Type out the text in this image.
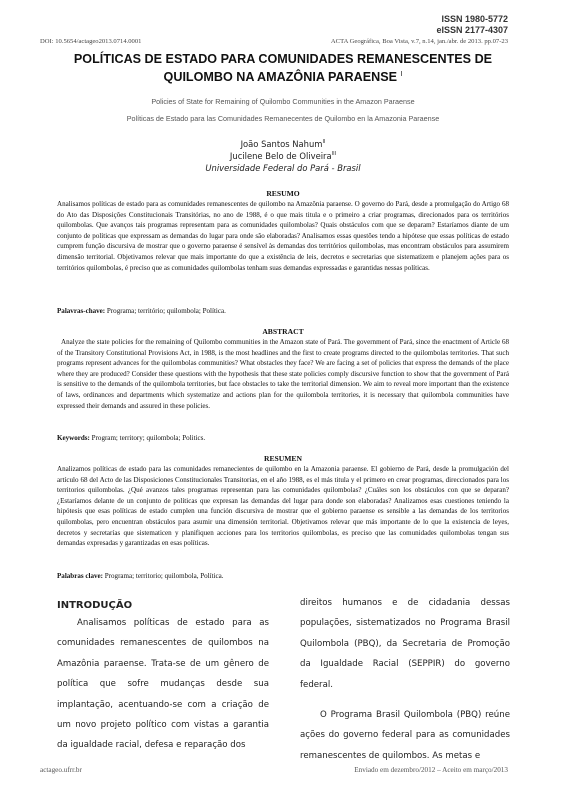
ISSN 1980-5772
eISSN 2177-4307
DOI: 10.5654/actageo2013.0714.0001	ACTA Geográfica, Boa Vista, v.7, n.14, jan./abr. de 2013. pp.07-23
POLÍTICAS DE ESTADO PARA COMUNIDADES REMANESCENTES DE
QUILOMBO NA AMAZÔNIA PARAENSE $^I$
Policies of State for Remaining of Quilombo Communities in the Amazon Paraense
Políticas de Estado para las Comunidades Remanecentes de Quilombo en la Amazonia Paraense
João Santos Nahum$^{II}$
Jucilene Belo de Oliveira$^{III}$
Universidade Federal do Pará - Brasil
RESUMO
Analisamos políticas de estado para as comunidades remanescentes de quilombo na Amazônia paraense. O governo do Pará, desde a promulgação do Artigo 68 do Ato das Disposições Constitucionais Transitórias, no ano de 1988, é o que mais titula e o primeiro a criar programas, direcionados para os territórios quilombolas. Que avanços tais programas representam para as comunidades quilombolas? Quais obstáculos com que se deparam? Estaríamos diante de um conjunto de políticas que expressam as demandas do lugar para onde são elaboradas? Analisamos essas questões tendo a hipótese que essas políticas de estado cumprem função discursiva de mostrar que o governo paraense é sensível às demandas dos territórios quilombolas, mas encontram obstáculos para assumirem dimensão territorial. Objetivamos relevar que mais importante do que a existência de leis, decretos e secretarias que sistematizem e planejem ações para os territórios quilombolas, é preciso que as comunidades quilombolas tenham suas demandas expressadas e garantidas nessas políticas.
Palavras-chave: Programa; território; quilombola; Política.
ABSTRACT
Analyze the state policies for the remaining of Quilombo communities in the Amazon state of Pará. The government of Pará, since the enactment of Article 68 of the Transitory Constitutional Provisions Act, in 1988, is the most headlines and the first to create programs directed to the quilombolas territories. That such programs represent advances for the quilombolas communities? What obstacles they face? We are facing a set of policies that express the demands of the place where they are produced? Consider these questions with the hypothesis that these state policies comply discursive function to show that the government of Pará is sensitive to the demands of the quilombola territories, but face obstacles to take the territorial dimension. We aim to reveal more important than the existence of laws, ordinances and departments which systematize and actions plan for the quilombola territories, it is necessary that quilombola communities have expressed their demands and assured in these policies.
Keywords: Program; territory; quilombola; Politics.
RESUMEN
Analizamos políticas de estado para las comunidades remanecientes de quilombo en la Amazonia paraense. El gobierno de Pará, desde la promulgación del artículo 68 del Acto de las Disposiciones Constitucionales Transitorias, en el año 1988, es el más titula y el primero en crear programas, direccionados para los territorios quilombolas. ¿Qué avanzos tales programas representan para las comunidades quilombolas? ¿Cuáles son los obstáculos con que se deparan? ¿Estaríamos delante de un conjunto de políticas que expresan las demandas del lugar para donde son elaboradas? Analizamos esas cuestiones teniendo la hipótesis que esas políticas de estado cumplen una función discursiva de mostrar que el gobierno paraense es sensible a las demandas de los territorios quilombolas, pero encuentran obstáculos para asumir una dimensión territorial. Objetivamos relevar que más importante de lo que la existencia de leyes, decretos y secretarías que sistematicen y planifiquen acciones para los territorios quilombolas, es preciso que las comunidades quilombolas tengan sus demandas expresadas y garantizadas en esas políticas.
Palabras clave: Programa; territorio; quilombola, Política.
INTRODUÇÃO

Analisamos políticas de estado para as comunidades remanescentes de quilombos na Amazônia paraense. Trata-se de um gênero de política que sofre mudanças desde sua implantação, acentuando-se com a criação de um novo projeto político com vistas a garantia da igualdade racial, defesa e reparação dos

direitos humanos e de cidadania dessas populações, sistematizados no Programa Brasil Quilombola (PBQ), da Secretaria de Promoção da Igualdade Racial (SEPPIR) do governo federal.

O Programa Brasil Quilombola (PBQ) reúne ações do governo federal para as comunidades remanescentes de quilombos. As metas e

actageo.ufrr.br	Enviado em dezembro/2012 – Aceito em março/2013
